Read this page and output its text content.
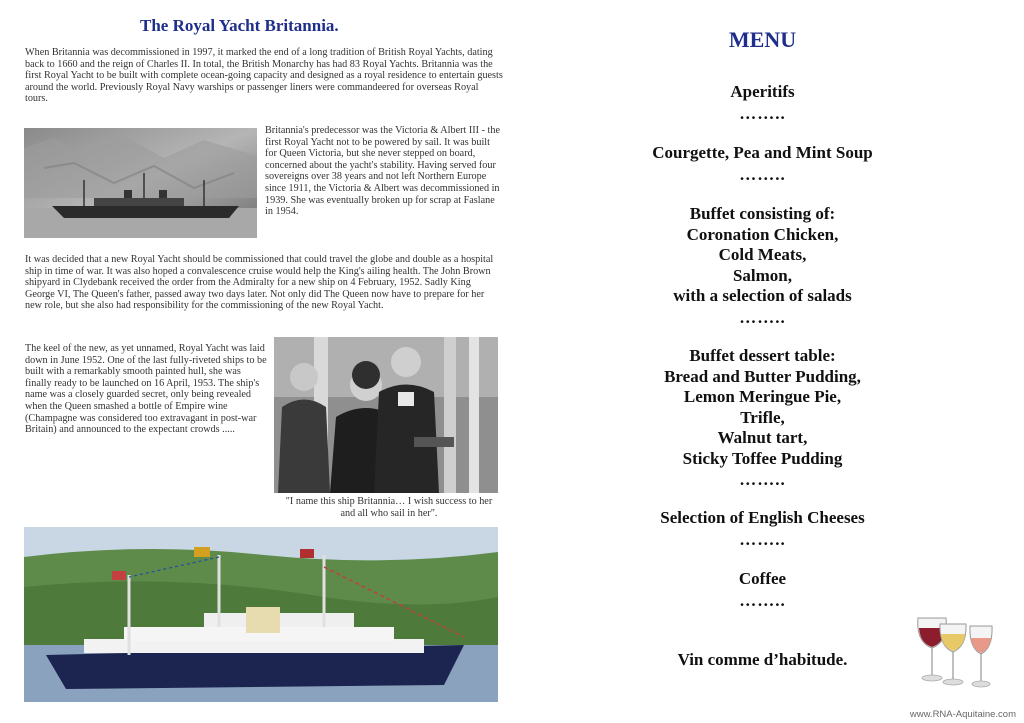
The Royal Yacht Britannia.

When Britannia was decommissioned in 1997, it marked the end of a long tradition of British Royal Yachts, dating back to 1660 and the reign of Charles II. In total, the British Monarchy has had 83 Royal Yachts. Britannia was the first Royal Yacht to be built with complete ocean-going capacity and designed as a royal residence to entertain guests around the world. Previously Royal Navy warships or passenger liners were commandeered for overseas Royal tours.

Britannia's predecessor was the Victoria & Albert III - the first Royal Yacht not to be powered by sail. It was built for Queen Victoria, but she never stepped on board, concerned about the yacht's stability. Having served four sovereigns over 38 years and not left Northern Europe since 1911, the Victoria & Albert was decommissioned in 1939. She was eventually broken up for scrap at Faslane in 1954.

It was decided that a new Royal Yacht should be commissioned that could travel the globe and double as a hospital ship in time of war. It was also hoped a convalescence cruise would help the King's ailing health. The John Brown shipyard in Clydebank received the order from the Admiralty for a new ship on 4 February, 1952. Sadly King George VI, The Queen's father, passed away two days later. Not only did The Queen now have to prepare for her new role, but she also had responsibility for the commissioning of the new Royal Yacht.

The keel of the new, as yet unnamed, Royal Yacht was laid down in June 1952. One of the last fully-riveted ships to be built with a remarkably smooth painted hull, she was finally ready to be launched on 16 April, 1953. The ship's name was a closely guarded secret, only being revealed when the Queen smashed a bottle of Empire wine (Champagne was considered too extravagant in post-war Britain) and announced to the expectant crowds .....

"I name this ship Britannia… I wish success to her and all who sail in her".
MENU
Aperitifs
……..
Courgette, Pea and Mint Soup
……..
Buffet consisting of:
Coronation Chicken,
Cold Meats,
Salmon,
with a selection of salads
……..
Buffet dessert table:
Bread and Butter Pudding,
Lemon Meringue Pie,
Trifle,
Walnut tart,
Sticky Toffee Pudding
……..
Selection of English Cheeses
……..
Coffee
……..
Vin comme d’habitude.
www.RNA-Aquitaine.com
